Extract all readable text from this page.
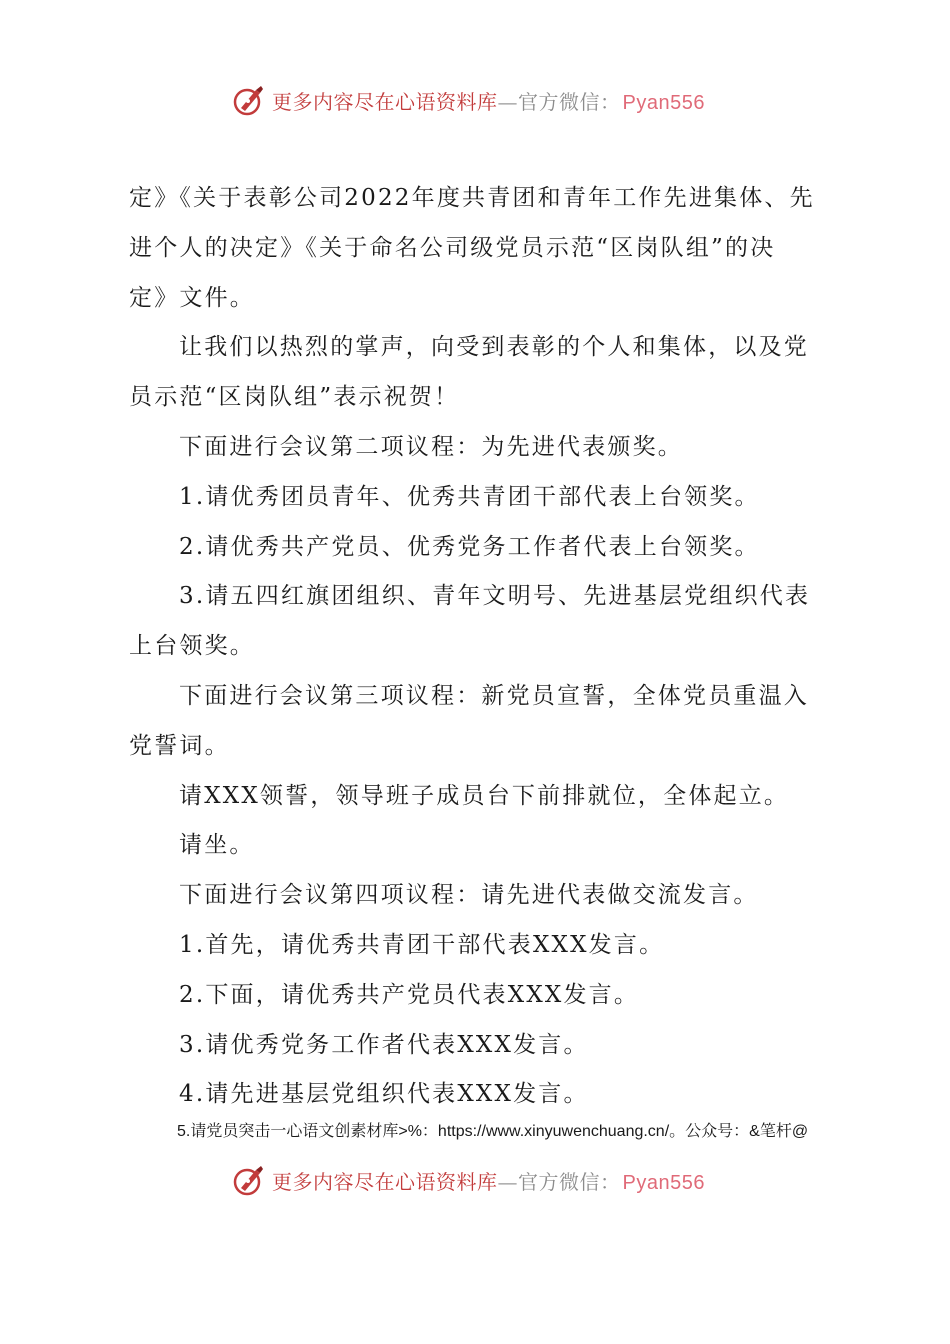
更多内容尽在心语资料库—官方微信： Pyan556
定》《关于表彰公司2022年度共青团和青年工作先进集体、先
进个人的决定》《关于命名公司级党员示范“区岗队组”的决
定》文件。
让我们以热烈的掌声，向受到表彰的个人和集体，以及党
员示范“区岗队组”表示祝贺！
下面进行会议第二项议程：为先进代表颁奖。
1.请优秀团员青年、优秀共青团干部代表上台领奖。
2.请优秀共产党员、优秀党务工作者代表上台领奖。
3.请五四红旗团组织、青年文明号、先进基层党组织代表
上台领奖。
下面进行会议第三项议程：新党员宣誓，全体党员重温入
党誓词。
请XXX领誓，领导班子成员台下前排就位，全体起立。
请坐。
下面进行会议第四项议程：请先进代表做交流发言。
1.首先，请优秀共青团干部代表XXX发言。
2.下面，请优秀共产党员代表XXX发言。
3.请优秀党务工作者代表XXX发言。
4.请先进基层党组织代表XXX发言。
5.请党员突击一心语文创素材库>%：https://www.xinyuwenchuang.cn/。公众号：&笔杆@
更多内容尽在心语资料库—官方微信： Pyan556
